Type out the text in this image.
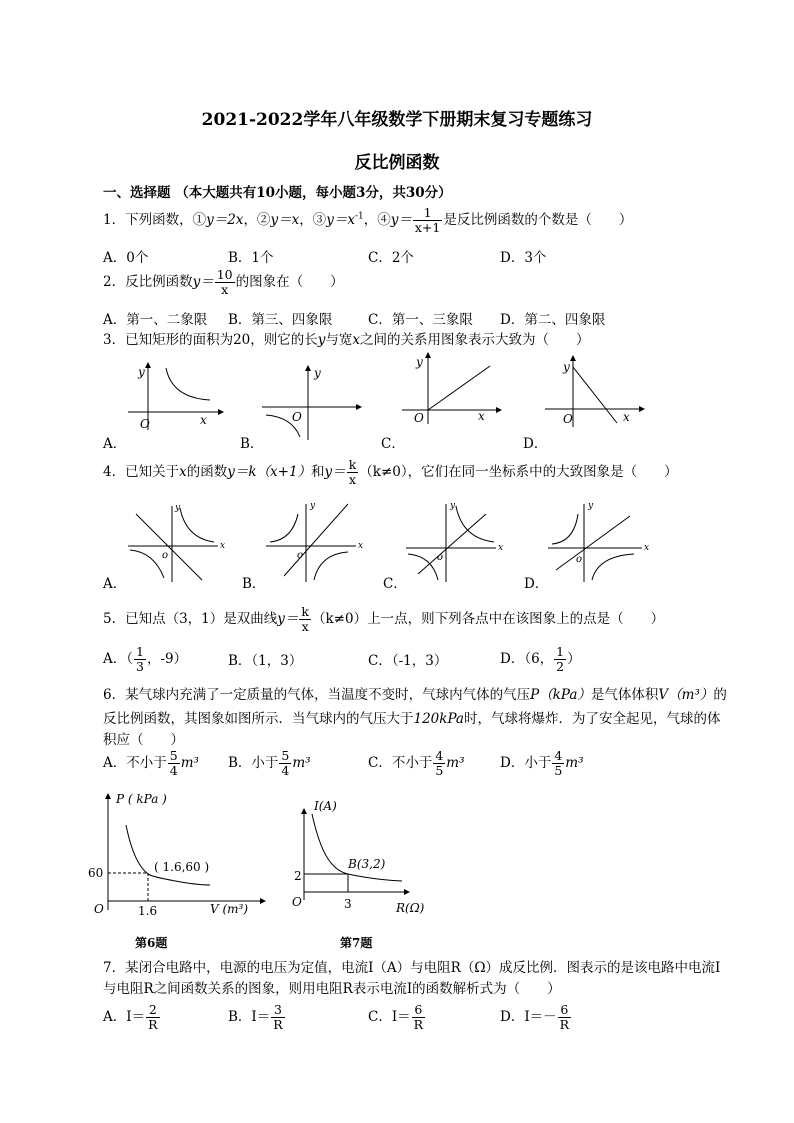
2021-2022学年八年级数学下册期末复习专题练习
反比例函数
一、选择题 （本大题共有10小题，每小题3分，共30分）
1．下列函数，①y＝2x，②y＝x，$③y=x^{-1}$，④y＝ $\frac{1}{x+1}$ 是反比例函数的个数是（　　）
A．0个	B．1个	C．2个	D．3个
2．反比例函数$y= \frac{10}{x}$ 的图象在（　　）
A．第一、二象限 B．第三、四象限	C．第一、三象限 D．第二、四象限
3．已知矩形的面积为20，则它的长y与宽x之间的关系用图象表示大致为（　　）
y
O	x
y
O
y
O	x
y
O	x
A．	B．	C．	D．
4．已知关于x的函数y＝k（x+1）和$y= \frac{k}{x} (k\ne 0)$，它们在同一坐标系中的大致图象是（　　）
y
o
x
y
o
x
y
o
x
y
o
x
A．	B．	C．	D．
5．已知点（3，1）是双曲线$y= \frac{k}{x} (k\ne 0)$上一点，则下列各点中在该图象上的点是（　　）
A．（ $\frac{1}{3}$ ，-9）	B．（1，3）	C．（-1，3）	D．（6， $\frac{1}{2}$ ）
6．某气球内充满了一定质量的气体，当温度不变时，气球内气体的气压P（kPa）是气体体积V（m³）的
反比例函数，其图象如图所示．当气球内的气压大于120kPa时，气球将爆炸．为了安全起见，气球的体
积应（　　）
A．不小于 $\frac{5}{4} m^3$ B．小于 $\frac{5}{4} m^3$	C．不小于 $\frac{4}{5} m^3$	D．小于 $\frac{4}{5} m^3$
P ( kPa )
V (m³)
O
60
1.6
( 1.6,60 )
第6题
I(A)
R(Ω)
O
2
3
B(3,2)
第7题
7．某闭合电路中，电源的电压为定值，电流I（A）与电阻R（Ω）成反比例．图表示的是该电路中电流I
与电阻R之间函数关系的图象，则用电阻R表示电流I的函数解析式为（　　）
A．$I= \frac{2}{R}$	B．$I= \frac{3}{R}$	C．$I= \frac{6}{R}$	D．$I=- \frac{6}{R}$
